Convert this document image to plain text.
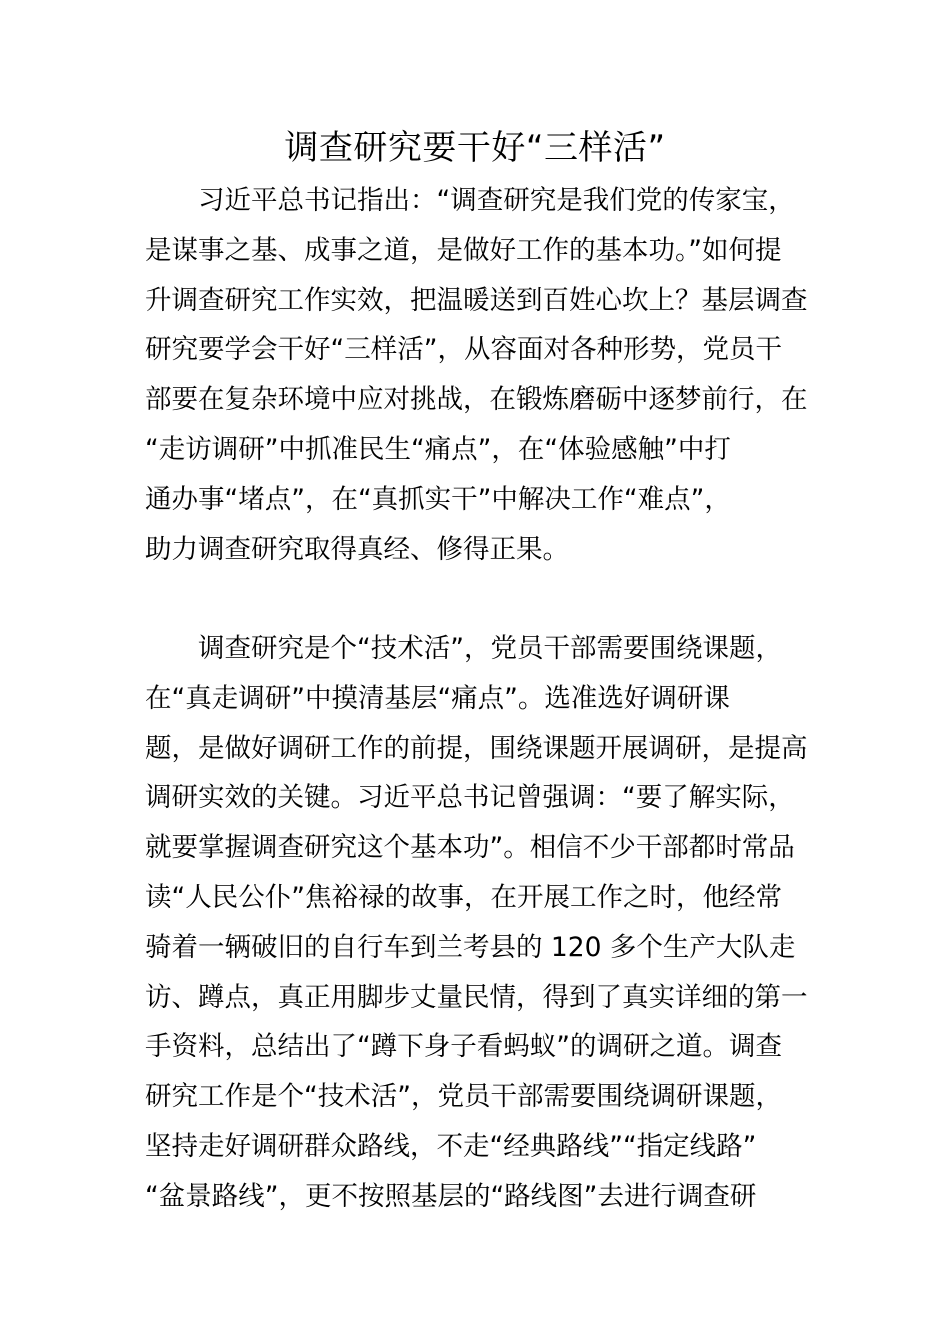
调查研究要干好“三样活”
　　习近平总书记指出：“调查研究是我们党的传家宝，
是谋事之基、成事之道，是做好工作的基本功。”如何提
升调查研究工作实效，把温暖送到百姓心坎上？基层调查
研究要学会干好“三样活”，从容面对各种形势，党员干
部要在复杂环境中应对挑战，在锻炼磨砺中逐梦前行，在
“走访调研”中抓准民生“痛点”，在“体验感触”中打
通办事“堵点”，在“真抓实干”中解决工作“难点”，
助力调查研究取得真经、修得正果。
　　调查研究是个“技术活”，党员干部需要围绕课题，
在“真走调研”中摸清基层“痛点”。选准选好调研课
题，是做好调研工作的前提，围绕课题开展调研，是提高
调研实效的关键。习近平总书记曾强调：“要了解实际，
就要掌握调查研究这个基本功”。相信不少干部都时常品
读“人民公仆”焦裕禄的故事，在开展工作之时，他经常
骑着一辆破旧的自行车到兰考县的 120 多个生产大队走
访、蹲点，真正用脚步丈量民情，得到了真实详细的第一
手资料，总结出了“蹲下身子看蚂蚁”的调研之道。调查
研究工作是个“技术活”，党员干部需要围绕调研课题，
坚持走好调研群众路线，不走“经典路线”“指定线路”
“盆景路线”，更不按照基层的“路线图”去进行调查研
